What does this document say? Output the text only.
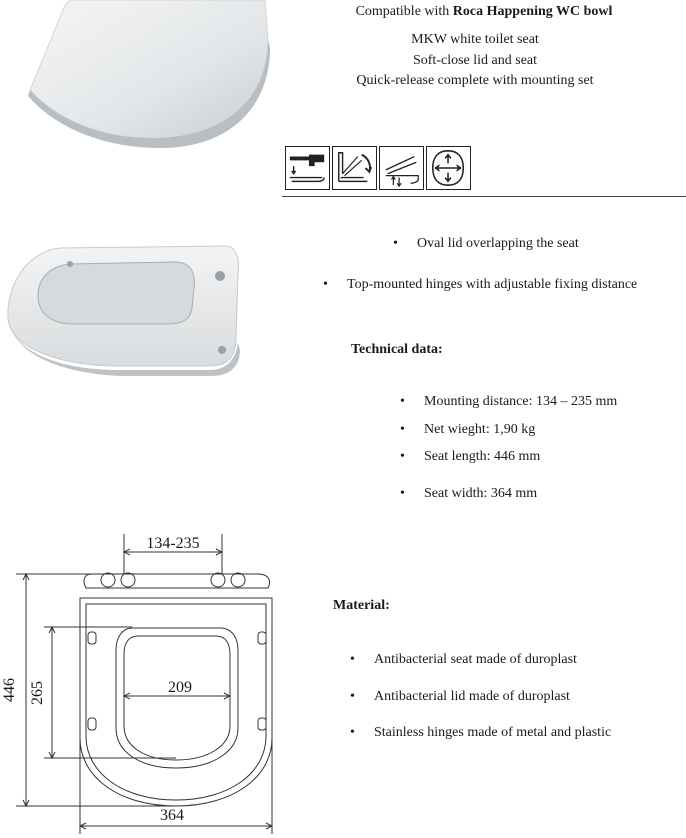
Compatible with Roca Happening WC bowl
MKW white toilet seat
Soft-close lid and seat
Quick-release complete with mounting set
• Oval lid overlapping the seat
• Top-mounted hinges with adjustable fixing distance
Technical data:
• Mounting distance: 134 – 235 mm
• Net wieght: 1,90 kg
• Seat length: 446 mm
• Seat width: 364 mm
134-235
446 265	209
364
Material:
• Antibacterial seat made of duroplast
• Antibacterial lid made of duroplast
• Stainless hinges made of metal and plastic
